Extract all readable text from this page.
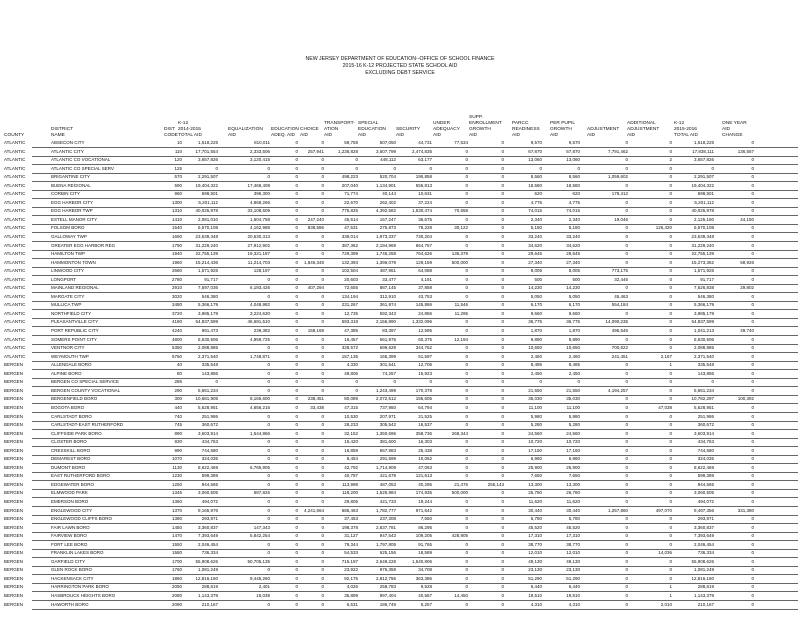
NEW JERSEY DEPARTMENT OF EDUCATION--OFFICE OF SCHOOL FINANCE
2015-16 K-12 PROJECTED STATE SCHOOL AID
EXCLUDING DEBT SERVICE
COUNTY
DISTRICT
NAME
DIST
CODE
K-12
2014-2015
TOTAL AID
EQUALIZATION
AID
EDUCATION
ADEQ. AID
CHOICE
AID
TRANSPORT-
ATION
AID
SPECIAL
EDUCATION
AID
SECURITY
AID
UNDER
ADEQUACY
AID
SUPP.
ENROLLMENT
GROWTH
AID
PARCC
READINESS
AID
PER PUPIL
GROWTH
AID
ADJUSTMENT
AID
ADDITIONAL
ADJUSTMENT
AID
K-12
2015-2016
TOTAL AID
ONE YEAR
AID
CHANGE
ATLANTIC	ABSECON CITY	10	1,518,225	810,011	0	0	59,759	507,050	44,731	77,534	0	9,570	9,570	0	0	1,518,225	0
ATLANTIC	ATLANTIC CITY	110	17,701,554	2,333,506	0	257,941	1,236,828	3,607,799	2,474,835	0	0	67,870	67,870	7,791,462	0	17,838,111	136,557
ATLANTIC	ATLANTIC CO VOCATIONAL	120	3,657,826	3,120,415	0	0	0	448,112	63,177	0	0	13,060	13,060	0	2	3,657,826	0
ATLANTIC	ATLANTIC CO SPECIAL SERV	125	0	0	0	0	0	0	0	0	0	0	0	0	0	0	0
ATLANTIC	BRIGANTINE CITY	570	2,291,507	0	0	0	498,223	520,704	195,858	0	0	8,560	8,560	1,059,602	0	2,291,507	0
ATLANTIC	BUENA REGIONAL	590	19,404,322	17,468,408	0	0	207,040	1,134,901	556,813	0	0	18,580	18,580	0	0	19,404,322	0
ATLANTIC	CORBIN CITY	960	698,501	396,300	0	0	71,774	40,144	10,631	0	0	620	620	178,412	0	698,501	0
ATLANTIC	EGG HARBOR CITY	1300	5,201,112	4,869,266	0	0	22,670	262,402	37,224	0	0	4,775	4,775	0	0	5,201,112	0
ATLANTIC	EGG HARBOR TWP	1310	40,025,978	33,108,509	0	0	775,825	4,392,582	1,530,474	70,558	0	74,015	74,015	0	0	40,025,978	0
ATLANTIC	ESTELL MANOR CITY	1410	2,081,010	1,604,758	0	247,240	45,514	167,247	36,675	0	0	2,340	2,340	19,046	0	2,125,160	44,150
ATLANTIC	FOLSOM BORO	1540	5,570,108	4,162,988	0	838,586	47,531	275,873	78,228	30,122	0	5,180	5,180	0	126,420	5,570,108	0
ATLANTIC	GALLOWAY TWP	1690	23,639,348	20,530,313	0	0	339,014	1,973,337	730,204	0	0	33,240	33,240	0	0	23,639,348	0
ATLANTIC	GREATER EGG HARBOR REG	1790	31,229,240	27,912,902	0	0	387,362	2,194,969	664,767	0	0	34,620	34,620	0	0	31,229,240	0
ATLANTIC	HAMILTON TWP	1940	22,755,139	19,321,187	0	0	729,399	1,746,258	764,626	135,379	0	29,645	29,645	0	0	22,755,139	0
ATLANTIC	HAMMONTON TOWN	1960	15,214,436	11,214,703	0	1,846,348	132,393	1,396,079	129,159	500,000	0	27,340	27,340	0	0	15,273,362	58,926
ATLANTIC	LINWOOD CITY	2680	1,571,925	128,197	0	0	102,504	487,951	64,088	0	0	8,005	8,005	773,175	0	1,571,925	0
ATLANTIC	LONGPORT	2780	91,717	0	0	0	20,603	33,477	4,191	0	0	500	500	32,446	0	91,717	0
ATLANTIC	MAINLAND REGIONAL	2910	7,597,036	6,193,426	0	407,294	72,655	887,145	37,858	0	0	14,230	14,230	0	0	7,626,838	29,802
ATLANTIC	MARGATE CITY	3020	546,380	0	0	0	134,194	312,910	43,753	0	0	5,050	5,050	45,463	0	546,380	0
ATLANTIC	MULLICA TWP	3480	5,366,179	4,048,982	0	0	231,267	361,974	145,886	11,546	0	6,170	6,170	554,184	0	5,366,179	0
ATLANTIC	NORTHFIELD CITY	3720	3,885,179	3,224,630	0	0	12,735	592,343	24,856	11,295	0	9,660	9,660	0	0	3,885,179	0
ATLANTIC	PLEASANTVILLE CITY	4180	64,837,599	46,591,510	0	0	593,318	2,156,890	1,332,096	0	0	36,775	36,775	14,090,235	0	64,837,599	0
ATLANTIC	PORT REPUBLIC CITY	4240	991,473	239,382	0	159,168	47,385	83,397	12,595	0	0	1,870	1,870	495,546	0	1,041,213	49,740
ATLANTIC	SOMERS POINT CITY	4800	5,630,506	4,959,725	0	0	16,457	561,975	60,375	12,194	0	9,890	9,890	0	0	5,630,506	0
ATLANTIC	VENTNOR CITY	5350	2,088,885	0	0	0	328,572	699,629	344,762	0	0	10,650	10,650	700,622	0	2,088,885	0
ATLANTIC	WEYMOUTH TWP	5760	2,371,540	1,748,871	0	0	157,135	165,399	51,597	0	0	2,460	2,460	241,451	2,167	2,371,540	0
BERGEN	ALLENDALE BORO	40	335,548	0	0	0	4,330	301,541	12,706	0	0	8,485	8,485	0	1	335,548	0
BERGEN	ALPINE BORO	80	143,886	0	0	0	48,806	74,257	15,923	0	0	2,450	2,450	0	0	143,886	0
BERGEN	BERGEN CO SPECIAL SERVICE	285	0	0	0	0	0	0	0	0	0	0	0	0	0	0	0
BERGEN	BERGEN COUNTY VOCATIONAL	290	5,651,234	0	0	0	0	1,243,499	170,378	0	0	21,550	21,550	4,194,257	0	5,651,234	0
BERGEN	BERGENFIELD BORO	300	10,681,905	8,165,600	0	238,451	80,089	2,072,512	155,605	0	0	35,030	35,030	0	0	10,782,297	100,392
BERGEN	BOGOTA BORO	440	5,628,951	4,656,216	0	33,438	47,315	737,950	64,794	0	0	11,100	11,100	0	47,038	5,628,951	0
BERGEN	CARLSTADT BORO	740	251,986	0	0	0	10,530	207,971	21,525	0	0	5,980	5,980	0	0	251,986	0
BERGEN	CARLSTADT-EAST RUTHERFORD	745	360,672	0	0	0	28,233	305,542	16,537	0	0	5,280	5,280	0	0	360,672	0
BERGEN	CLIFFSIDE PARK BORO	890	3,603,914	1,544,866	0	0	32,152	1,350,696	358,736	268,344	0	24,560	24,560	0	0	3,603,914	0
BERGEN	CLOSTER BORO	930	434,763	0	0	0	15,420	381,600	16,303	0	0	10,720	10,720	0	0	434,763	0
BERGEN	CRESSKILL BORO	990	744,580	0	0	0	16,859	667,983	25,438	0	0	17,150	17,150	0	0	744,580	0
BERGEN	DEMAREST BORO	1070	324,035	0	0	0	8,454	291,599	10,062	0	0	6,960	6,960	0	0	324,035	0
BERGEN	DUMONT BORO	1130	8,622,469	6,765,905	0	0	42,792	1,714,909	47,063	0	0	25,900	25,900	0	0	8,622,469	0
BERGEN	EAST RUTHERFORD BORO	1230	599,389	0	0	0	40,797	421,679	121,613	0	0	7,650	7,650	0	0	599,389	0
BERGEN	EDGEWATER BORO	1250	944,565	0	0	0	113,998	487,053	40,295	21,476	255,143	13,300	13,300	0	0	944,565	0
BERGEN	ELMWOOD PARK	1345	3,060,505	687,826	0	0	118,200	1,525,984	174,935	500,000	0	26,780	26,780	0	0	3,060,505	0
BERGEN	EMERSON BORO	1360	494,072	0	0	0	29,805	421,733	19,244	0	0	11,620	11,620	0	0	494,072	0
BERGEN	ENGLEWOOD CITY	1370	9,165,976	0	0	4,241,664	685,463	1,782,777	971,642	0	0	30,440	30,440	1,257,860	497,070	9,497,356	331,380
BERGEN	ENGLEWOOD CLIFFS BORO	1380	293,971	0	0	0	37,453	237,308	7,650	0	0	5,780	5,780	0	0	293,971	0
BERGEN	FAIR LAWN BORO	1450	3,360,837	147,343	0	0	198,378	2,837,781	86,295	0	0	45,520	45,520	0	0	3,360,837	0
BERGEN	FAIRVIEW BORO	1470	7,393,649	5,842,254	0	0	31,127	947,543	109,205	428,905	0	17,310	17,310	0	0	7,393,649	0
BERGEN	FORT LEE BORO	1550	2,046,454	0	0	0	79,344	1,797,805	91,765	0	0	38,770	38,770	0	0	2,046,454	0
BERGEN	FRANKLIN LAKES BORO	1580	736,334	0	0	0	54,533	625,156	18,589	0	0	12,010	12,010	0	14,036	736,334	0
BERGEN	GARFIELD CITY	1700	55,908,626	50,705,135	0	0	715,197	2,649,228	1,540,806	0	0	49,130	49,130	0	0	55,908,626	0
BERGEN	GLEN ROCK BORO	1760	1,081,249	0	0	0	23,922	976,359	34,708	0	0	23,130	23,130	0	0	1,081,249	0
BERGEN	HACKENSACK CITY	1860	12,816,160	9,445,260	0	0	92,175	2,812,756	363,386	0	0	51,290	51,290	0	0	12,816,160	0
BERGEN	HARRINGTON PARK BORO	2050	288,619	2,401	0	0	4,026	259,783	9,528	0	0	6,440	6,440	0	1	288,619	0
BERGEN	HASBROUCK HEIGHTS BORO	2080	1,143,379	16,038	0	0	35,899	997,404	40,567	14,450	0	19,510	19,510	0	1	1,143,379	0
BERGEN	HAWORTH BORO	2090	210,167	0	0	0	6,531	186,749	6,257	0	0	4,310	4,310	0	2,010	210,167	0
